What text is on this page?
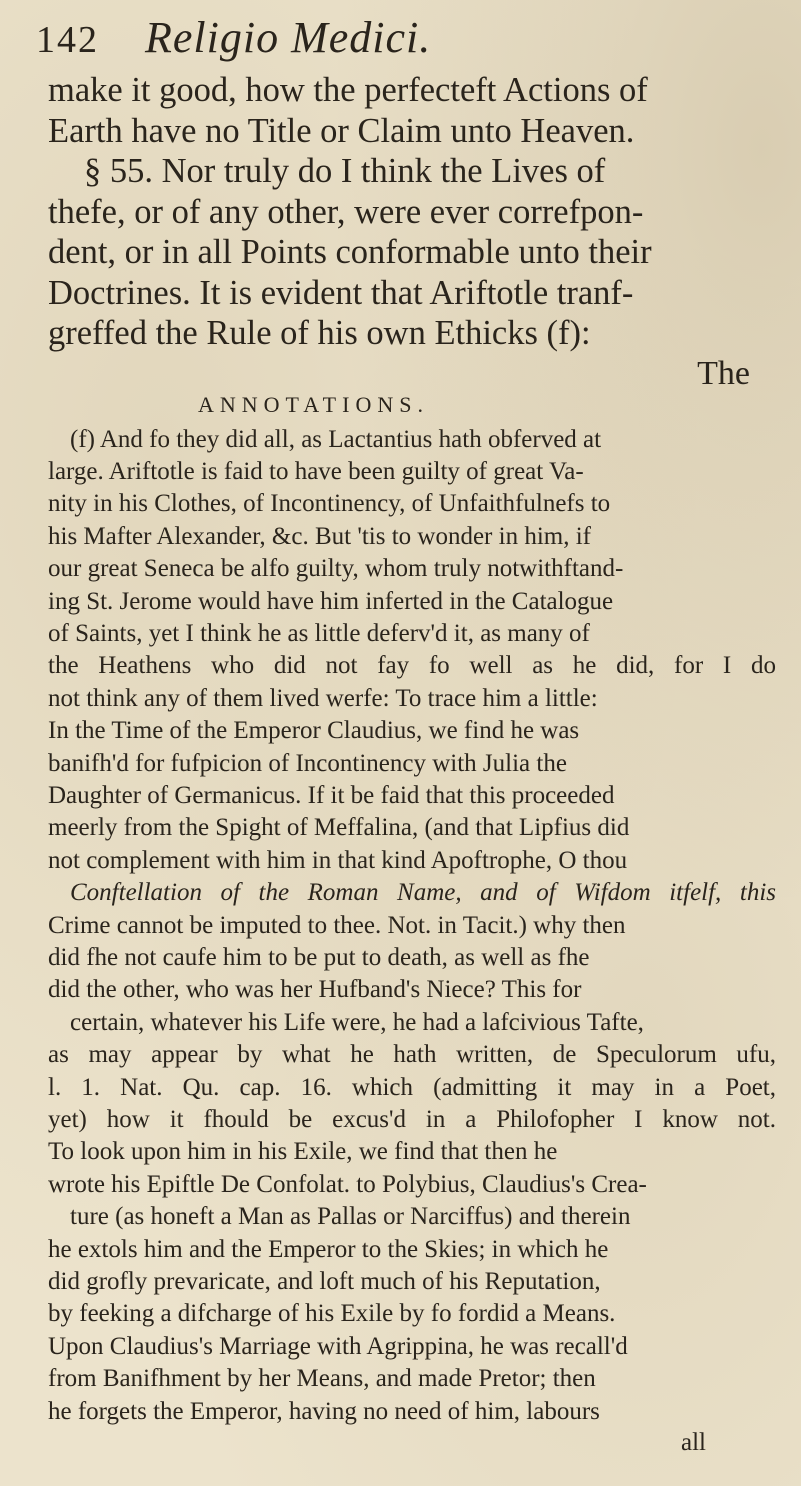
142 Religio Medici.

make it good, how the perfecteft Actions of
Earth have no Title or Claim unto Heaven.
§ 55. Nor truly do I think the Lives of
thefe, or of any other, were ever correfpon-
dent, or in all Points conformable unto their
Doctrines. It is evident that Ariftotle tranf-
greffed the Rule of his own Ethicks (f):

The
ANNOTATIONS.

(f) And fo they did all, as Lactantius hath obferved at
large. Ariftotle is faid to have been guilty of great Va-
nity in his Clothes, of Incontinency, of Unfaithfulnefs to
his Mafter Alexander, &c. But 'tis to wonder in him, if
our great Seneca be alfo guilty, whom truly notwithftand-
ing St. Jerome would have him inferted in the Catalogue
of Saints, yet I think he as little deferv'd it, as many of
the Heathens who did not fay fo well as he did, for I do
not think any of them lived werfe: To trace him a little:
In the Time of the Emperor Claudius, we find he was
banifh'd for fufpicion of Incontinency with Julia the
Daughter of Germanicus. If it be faid that this proceeded
meerly from the Spight of Meffalina, (and that Lipfius did
not complement with him in that kind Apoftrophe, O thou
Conftellation of the Roman Name, and of Wifdom itfelf, this
Crime cannot be imputed to thee. Not. in Tacit.) why then
did fhe not caufe him to be put to death, as well as fhe
did the other, who was her Hufband's Niece? This for
certain, whatever his Life were, he had a lafcivious Tafte,
as may appear by what he hath written, de Speculorum ufu,
l. 1. Nat. Qu. cap. 16. which (admitting it may in a Poet,
yet) how it fhould be excus'd in a Philofopher I know not.
To look upon him in his Exile, we find that then he
wrote his Epiftle De Confolat. to Polybius, Claudius's Crea-
ture (as honeft a Man as Pallas or Narciffus) and therein
he extols him and the Emperor to the Skies; in which he
did grofly prevaricate, and loft much of his Reputation,
by feeking a difcharge of his Exile by fo fordid a Means.
Upon Claudius's Marriage with Agrippina, he was recall'd
from Banifhment by her Means, and made Pretor; then
he forgets the Emperor, having no need of him, labours

all
